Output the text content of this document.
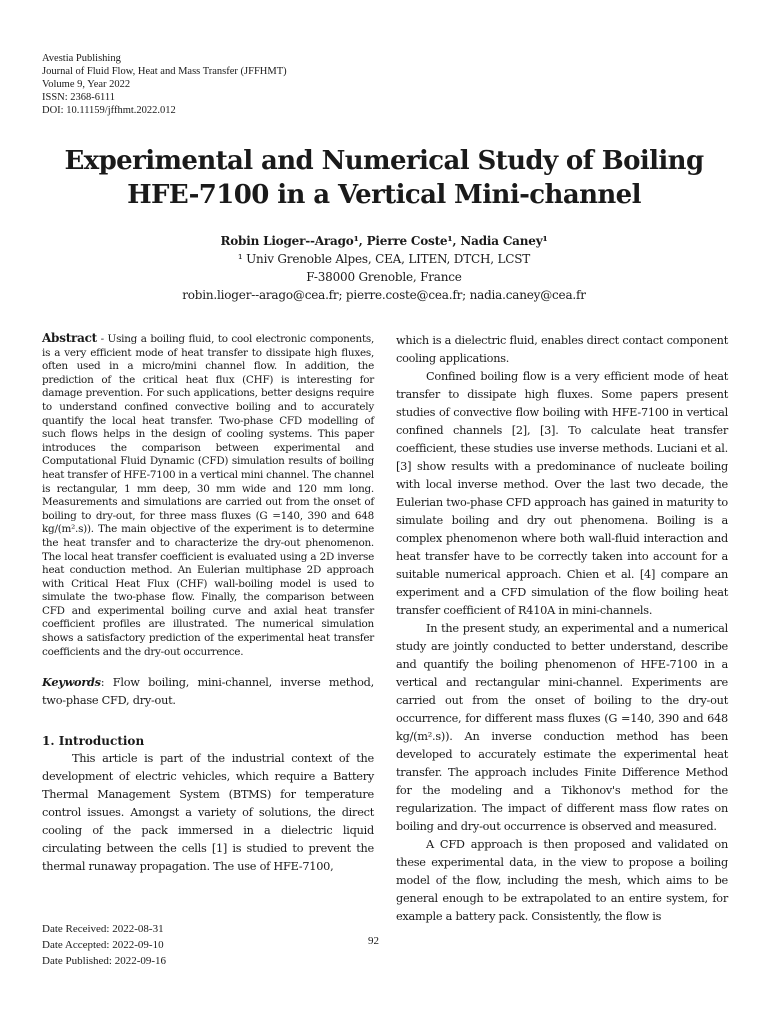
Avestia Publishing
Journal of Fluid Flow, Heat and Mass Transfer (JFFHMT)
Volume 9, Year 2022
ISSN: 2368-6111
DOI: 10.11159/jffhmt.2022.012
Experimental and Numerical Study of Boiling HFE-7100 in a Vertical Mini-channel
Robin Lioger--Arago¹, Pierre Coste¹, Nadia Caney¹
¹ Univ Grenoble Alpes, CEA, LITEN, DTCH, LCST
F-38000 Grenoble, France
robin.lioger--arago@cea.fr; pierre.coste@cea.fr; nadia.caney@cea.fr

Abstract - Using a boiling fluid, to cool electronic components, is a very efficient mode of heat transfer to dissipate high fluxes, often used in a micro/mini channel flow. In addition, the prediction of the critical heat flux (CHF) is interesting for damage prevention. For such applications, better designs require to understand confined convective boiling and to accurately quantify the local heat transfer. Two-phase CFD modelling of such flows helps in the design of cooling systems. This paper introduces the comparison between experimental and Computational Fluid Dynamic (CFD) simulation results of boiling heat transfer of HFE-7100 in a vertical mini channel. The channel is rectangular, 1 mm deep, 30 mm wide and 120 mm long. Measurements and simulations are carried out from the onset of boiling to dry-out, for three mass fluxes (G =140, 390 and 648 kg/(m².s)). The main objective of the experiment is to determine the heat transfer and to characterize the dry-out phenomenon. The local heat transfer coefficient is evaluated using a 2D inverse heat conduction method. An Eulerian multiphase 2D approach with Critical Heat Flux (CHF) wall-boiling model is used to simulate the two-phase flow. Finally, the comparison between CFD and experimental boiling curve and axial heat transfer coefficient profiles are illustrated. The numerical simulation shows a satisfactory prediction of the experimental heat transfer coefficients and the dry-out occurrence.

Keywords: Flow boiling, mini-channel, inverse method, two-phase CFD, dry-out.

1. Introduction

This article is part of the industrial context of the development of electric vehicles, which require a Battery Thermal Management System (BTMS) for temperature control issues. Amongst a variety of solutions, the direct cooling of the pack immersed in a dielectric liquid circulating between the cells [1] is studied to prevent the thermal runaway propagation. The use of HFE-7100,

which is a dielectric fluid, enables direct contact component cooling applications.

Confined boiling flow is a very efficient mode of heat transfer to dissipate high fluxes. Some papers present studies of convective flow boiling with HFE-7100 in vertical confined channels [2], [3]. To calculate heat transfer coefficient, these studies use inverse methods. Luciani et al. [3] show results with a predominance of nucleate boiling with local inverse method. Over the last two decade, the Eulerian two-phase CFD approach has gained in maturity to simulate boiling and dry out phenomena. Boiling is a complex phenomenon where both wall-fluid interaction and heat transfer have to be correctly taken into account for a suitable numerical approach. Chien et al. [4] compare an experiment and a CFD simulation of the flow boiling heat transfer coefficient of R410A in mini-channels.

In the present study, an experimental and a numerical study are jointly conducted to better understand, describe and quantify the boiling phenomenon of HFE-7100 in a vertical and rectangular mini-channel. Experiments are carried out from the onset of boiling to the dry-out occurrence, for different mass fluxes (G =140, 390 and 648 kg/(m².s)). An inverse conduction method has been developed to accurately estimate the experimental heat transfer. The approach includes Finite Difference Method for the modeling and a Tikhonov's method for the regularization. The impact of different mass flow rates on boiling and dry-out occurrence is observed and measured.

A CFD approach is then proposed and validated on these experimental data, in the view to propose a boiling model of the flow, including the mesh, which aims to be general enough to be extrapolated to an entire system, for example a battery pack. Consistently, the flow is

Date Received: 2022-08-31
Date Accepted: 2022-09-10
Date Published: 2022-09-16
92
